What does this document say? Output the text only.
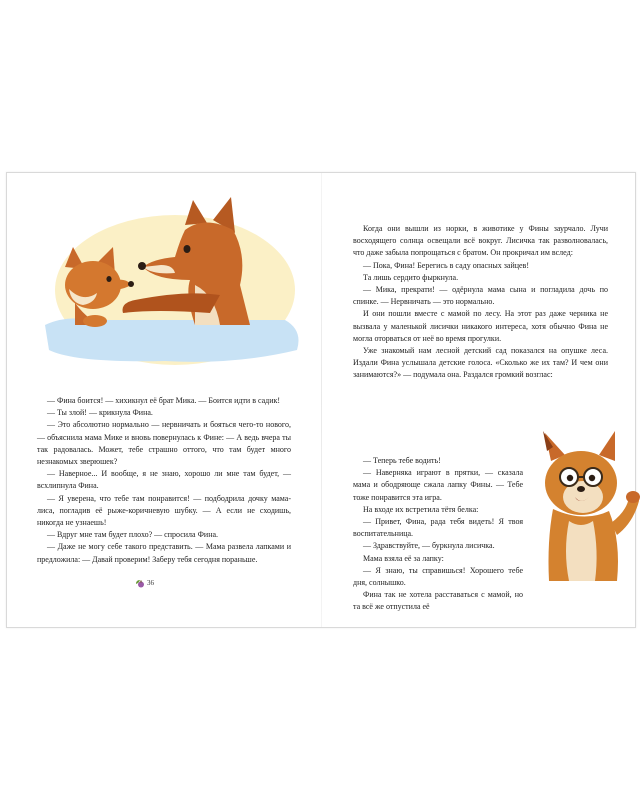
— Фина боится! — хихикнул её брат Мика. — Боится идти в садик!

— Ты злой! — крикнула Фина.

— Это абсолютно нормально — нервничать и бояться чего-то нового, — объяснила мама Мике и вновь повернулась к Фине: — А ведь вчера ты так радовалась. Может, тебе страшно оттого, что там будет много незнакомых зверюшек?

— Наверное... И вообще, я не знаю, хорошо ли мне там будет, — всхлипнула Фина.

— Я уверена, что тебе там понравится! — подбодрила дочку мама-лиса, погладив её рыже-коричневую шубку. — А если не сходишь, никогда не узнаешь!

— Вдруг мне там будет плохо? — спросила Фина.

— Даже не могу себе такого представить. — Мама развела лапками и предложила: — Давай проверим! Заберу тебя сегодня пораньше.

36

Когда они вышли из норки, в животике у Фины заурчало. Лучи восходящего солнца освещали всё вокруг. Лисичка так разволновалась, что даже забыла попрощаться с братом. Он прокричал им вслед:

— Пока, Фина! Берегись в саду опасных зайцев!

Та лишь сердито фыркнула.

— Мика, прекрати! — одёрнула мама сына и погладила дочь по спинке. — Нервничать — это нормально.

И они пошли вместе с мамой по лесу. На этот раз даже черника не вызвала у маленькой лисички никакого интереса, хотя обычно Фина не могла оторваться от неё во время прогулки.

Уже знакомый нам лесной детский сад показался на опушке леса. Издали Фина услышала детские голоса. «Сколько же их там? И чем они занимаются?» — подумала она. Раздался громкий возглас:

— Теперь тебе водить!

— Наверняка играют в прятки, — сказала мама и ободряюще сжала лапку Фины. — Тебе тоже понравится эта игра.

На входе их встретила тётя белка:

— Привет, Фина, рада тебя видеть! Я твоя воспитательница.

— Здравствуйте, — буркнула лисичка.

Мама взяла её за лапку:

— Я знаю, ты справишься! Хорошего тебе дня, солнышко.

Фина так не хотела расставаться с мамой, но та всё же отпустила её
